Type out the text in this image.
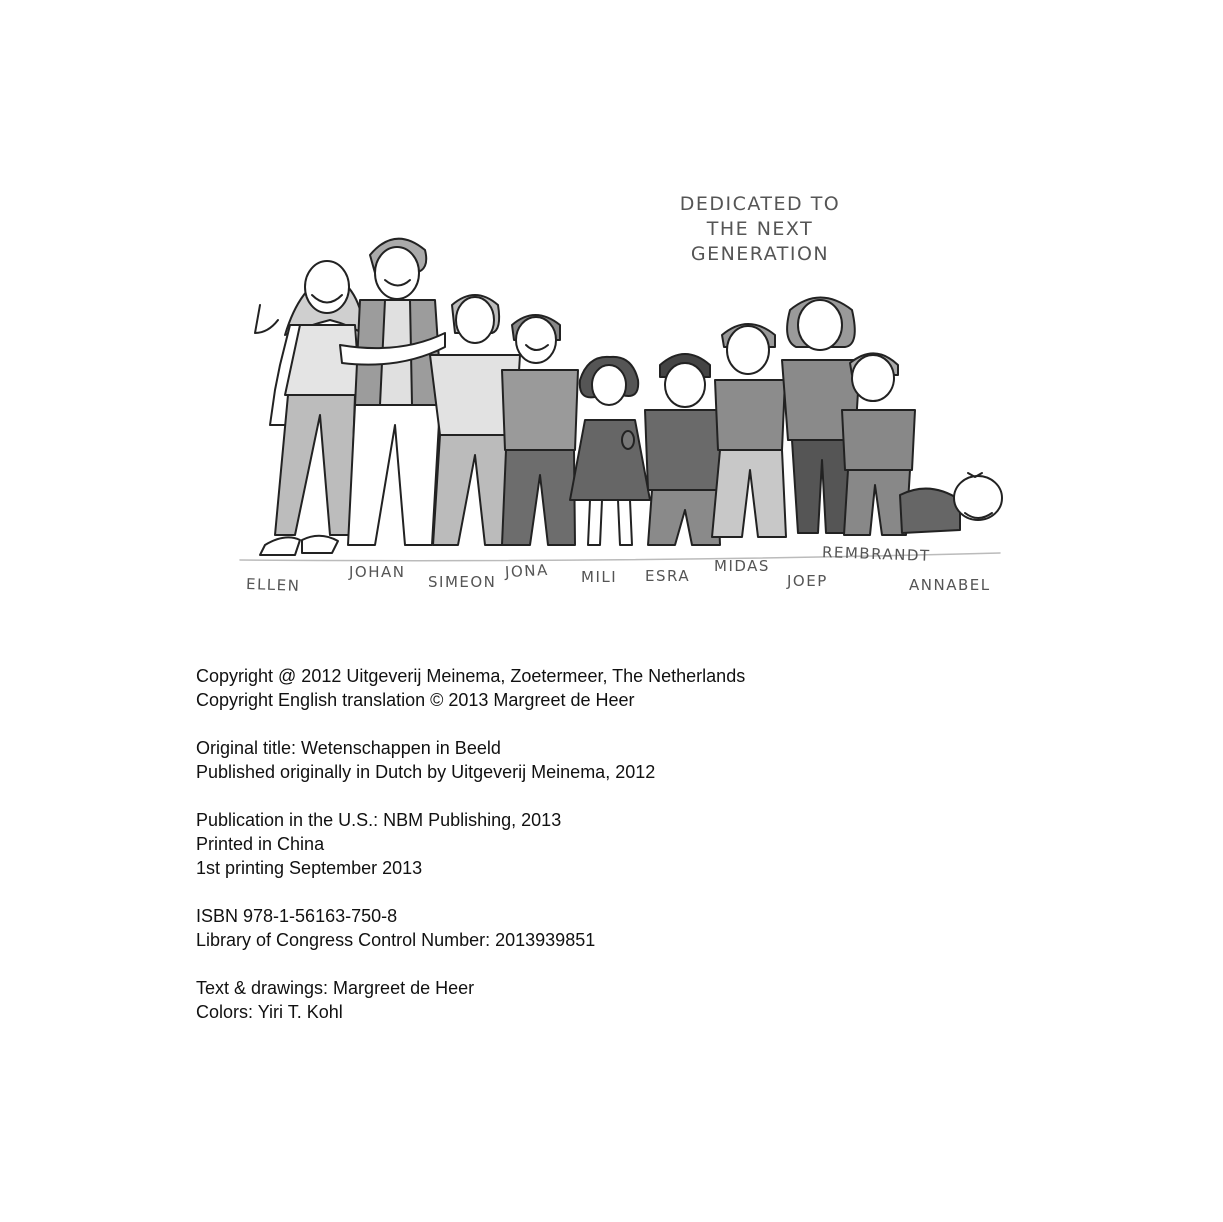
DEDICATED TO
THE NEXT GENERATION
ELLEN
JOHAN
SIMEON
JONA MILI ESRA
MIDAS
JOEP
REMBRANDT
ANNABEL
Copyright @ 2012 Uitgeverij Meinema, Zoetermeer, The Netherlands
Copyright English translation © 2013 Margreet de Heer
Original title: Wetenschappen in Beeld
Published originally in Dutch by Uitgeverij Meinema, 2012
Publication in the U.S.: NBM Publishing, 2013
Printed in China
1st printing September 2013
ISBN 978-1-56163-750-8
Library of Congress Control Number: 2013939851
Text & drawings: Margreet de Heer
Colors: Yiri T. Kohl
